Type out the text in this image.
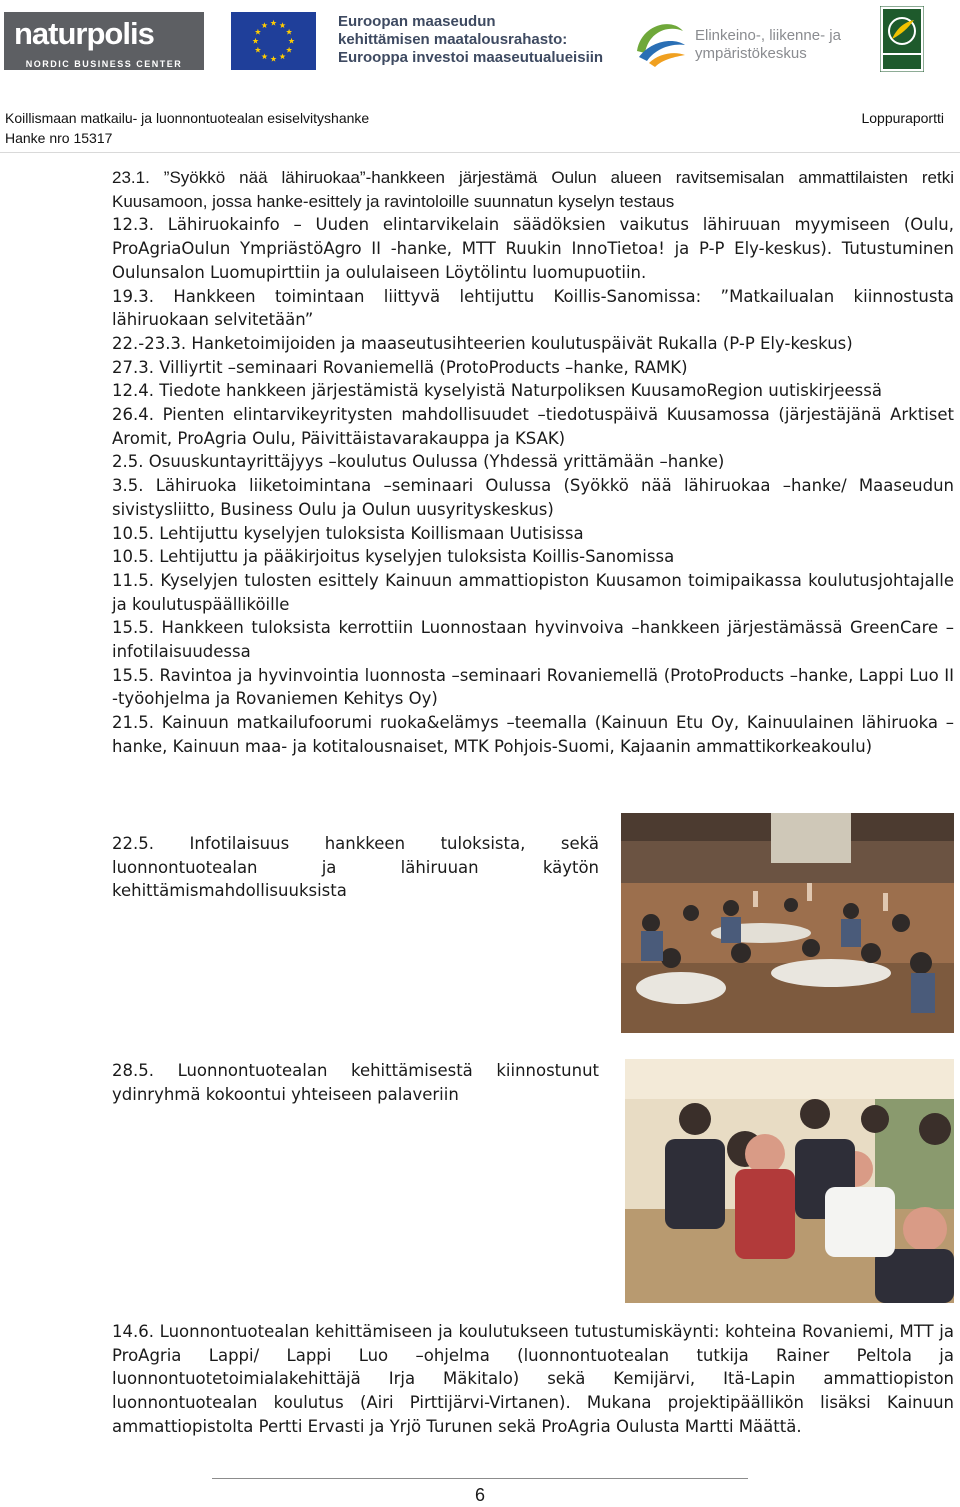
naturpolis
NORDIC BUSINESS CENTER
Euroopan maaseudun
kehittämisen maatalousrahasto:
Eurooppa investoi maaseutualueisiin
Elinkeino-, liikenne- ja
ympäristökeskus
Koillismaan matkailu- ja luonnontuotealan esiselvityshanke
Hanke nro 15317
Loppuraportti
23.1. ”Syökkö nää lähiruokaa”-hankkeen järjestämä Oulun alueen ravitsemisalan ammattilaisten retki Kuusamoon, jossa hanke-esittely ja ravintoloille suunnatun kyselyn testaus
12.3. Lähiruokainfo – Uuden elintarvikelain säädöksien vaikutus lähiruuan myymiseen (Oulu, ProAgriaOulun YmpriästöAgro II -hanke, MTT Ruukin InnoTietoa! ja P-P Ely-keskus). Tutustuminen Oulunsalon Luomupirttiin ja oululaiseen Löytölintu luomupuotiin.
19.3. Hankkeen toimintaan liittyvä lehtijuttu Koillis-Sanomissa: ”Matkailualan kiinnostusta lähiruokaan selvitetään”
22.-23.3. Hanketoimijoiden ja maaseutusihteerien koulutuspäivät Rukalla (P-P Ely-keskus)
27.3. Villiyrtit –seminaari Rovaniemellä (ProtoProducts –hanke, RAMK)
12.4. Tiedote hankkeen järjestämistä kyselyistä Naturpoliksen KuusamoRegion uutiskirjeessä
26.4. Pienten elintarvikeyritysten mahdollisuudet –tiedotuspäivä Kuusamossa (järjestäjänä Arktiset Aromit, ProAgria Oulu, Päivittäistavarakauppa ja KSAK)
2.5. Osuuskuntayrittäjyys –koulutus Oulussa (Yhdessä yrittämään –hanke)
3.5. Lähiruoka liiketoimintana –seminaari Oulussa (Syökkö nää lähiruokaa –hanke/ Maaseudun sivistysliitto, Business Oulu ja Oulun uusyrityskeskus)
10.5. Lehtijuttu kyselyjen tuloksista Koillismaan Uutisissa
10.5. Lehtijuttu ja pääkirjoitus kyselyjen tuloksista Koillis-Sanomissa
11.5. Kyselyjen tulosten esittely Kainuun ammattiopiston Kuusamon toimipaikassa koulutusjohtajalle ja koulutuspäälliköille
15.5. Hankkeen tuloksista kerrottiin Luonnostaan hyvinvoiva –hankkeen järjestämässä GreenCare –infotilaisuudessa
15.5. Ravintoa ja hyvinvointia luonnosta –seminaari Rovaniemellä (ProtoProducts –hanke, Lappi Luo II -työohjelma ja Rovaniemen Kehitys Oy)
21.5. Kainuun matkailufoorumi ruoka&elämys –teemalla (Kainuun Etu Oy, Kainuulainen lähiruoka –hanke, Kainuun maa- ja kotitalousnaiset, MTK Pohjois-Suomi, Kajaanin ammattikorkeakoulu)
22.5. Infotilaisuus hankkeen tuloksista, sekä luonnontuotealan ja lähiruuan käytön kehittämismahdollisuuksista
28.5. Luonnontuotealan kehittämisestä kiinnostunut ydinryhmä kokoontui yhteiseen palaveriin
14.6. Luonnontuotealan kehittämiseen ja koulutukseen tutustumiskäynti: kohteina Rovaniemi, MTT ja ProAgria Lappi/ Lappi Luo –ohjelma (luonnontuotealan tutkija Rainer Peltola ja luonnontuotetoimialakehittäjä Irja Mäkitalo) sekä Kemijärvi, Itä-Lapin ammattiopiston luonnontuotealan koulutus (Airi Pirttijärvi-Virtanen). Mukana projektipäällikön lisäksi Kainuun ammattiopistolta Pertti Ervasti ja Yrjö Turunen sekä ProAgria Oulusta Martti Määttä.
6
